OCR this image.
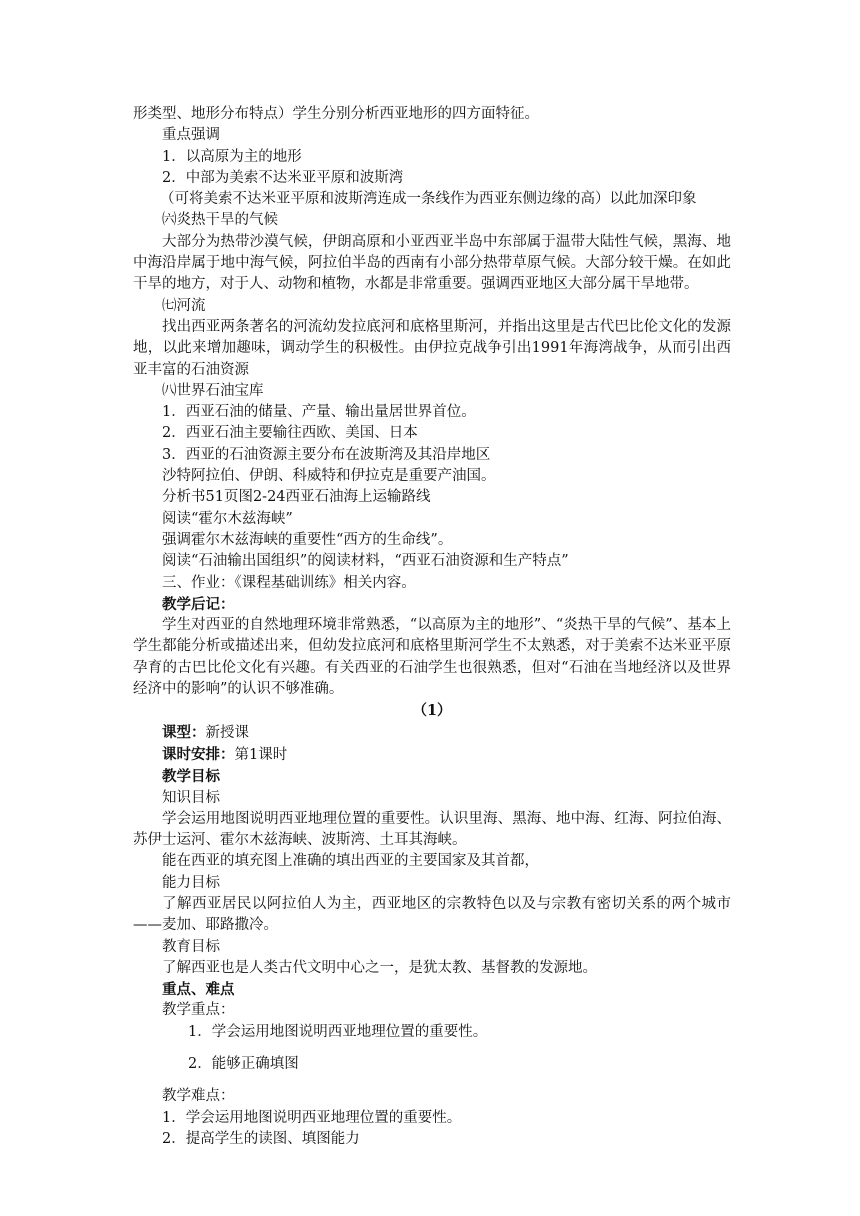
形类型、地形分布特点）学生分别分析西亚地形的四方面特征。

重点强调

1．以高原为主的地形

2．中部为美索不达米亚平原和波斯湾

（可将美索不达米亚平原和波斯湾连成一条线作为西亚东侧边缘的高）以此加深印象

㈥炎热干旱的气候

大部分为热带沙漠气候，伊朗高原和小亚西亚半岛中东部属于温带大陆性气候，黑海、地中海沿岸属于地中海气候，阿拉伯半岛的西南有小部分热带草原气候。大部分较干燥。在如此干旱的地方，对于人、动物和植物，水都是非常重要。强调西亚地区大部分属干旱地带。

㈦河流

找出西亚两条著名的河流幼发拉底河和底格里斯河，并指出这里是古代巴比伦文化的发源地，以此来增加趣味，调动学生的积极性。由伊拉克战争引出1991年海湾战争，从而引出西亚丰富的石油资源

㈧世界石油宝库

1．西亚石油的储量、产量、输出量居世界首位。

2．西亚石油主要输往西欧、美国、日本

3．西亚的石油资源主要分布在波斯湾及其沿岸地区

沙特阿拉伯、伊朗、科威特和伊拉克是重要产油国。

分析书51页图2-24西亚石油海上运输路线

阅读“霍尔木兹海峡”

强调霍尔木兹海峡的重要性“西方的生命线”。

阅读“石油输出国组织”的阅读材料，“西亚石油资源和生产特点”

三、作业：《课程基础训练》相关内容。

教学后记：

学生对西亚的自然地理环境非常熟悉，“以高原为主的地形”、“炎热干旱的气候”、基本上学生都能分析或描述出来，但幼发拉底河和底格里斯河学生不太熟悉，对于美索不达米亚平原孕育的古巴比伦文化有兴趣。有关西亚的石油学生也很熟悉，但对“石油在当地经济以及世界经济中的影响”的认识不够准确。

（1）

课型：新授课

课时安排：第1课时

教学目标

知识目标

学会运用地图说明西亚地理位置的重要性。认识里海、黑海、地中海、红海、阿拉伯海、苏伊士运河、霍尔木兹海峡、波斯湾、土耳其海峡。

能在西亚的填充图上准确的填出西亚的主要国家及其首都，

能力目标

了解西亚居民以阿拉伯人为主，西亚地区的宗教特色以及与宗教有密切关系的两个城市——麦加、耶路撒冷。

教育目标

了解西亚也是人类古代文明中心之一，是犹太教、基督教的发源地。

重点、难点

教学重点：

1．学会运用地图说明西亚地理位置的重要性。

2．能够正确填图

教学难点：

1．学会运用地图说明西亚地理位置的重要性。

2．提高学生的读图、填图能力
